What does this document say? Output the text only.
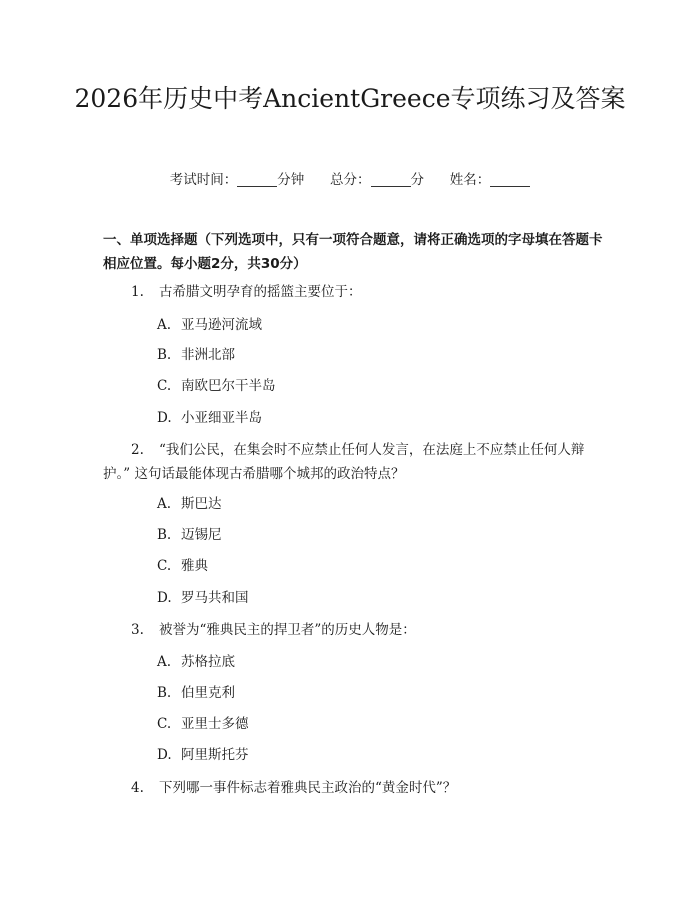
2026年历史中考AncientGreece专项练习及答案
考试时间：	分钟 总分：	分 姓名：
一、单项选择题（下列选项中，只有一项符合题意，请将正确选项的字母填在答题卡相应位置。每小题2分，共30分）
1. 古希腊文明孕育的摇篮主要位于：
A. 亚马逊河流域
B. 非洲北部
C. 南欧巴尔干半岛
D. 小亚细亚半岛
2. “我们公民，在集会时不应禁止任何人发言，在法庭上不应禁止任何人辩护。” 这句话最能体现古希腊哪个城邦的政治特点？
A. 斯巴达
B. 迈锡尼
C. 雅典
D. 罗马共和国
3. 被誉为“雅典民主的捍卫者”的历史人物是：
A. 苏格拉底
B. 伯里克利
C. 亚里士多德
D. 阿里斯托芬
4. 下列哪一事件标志着雅典民主政治的“黄金时代”？
